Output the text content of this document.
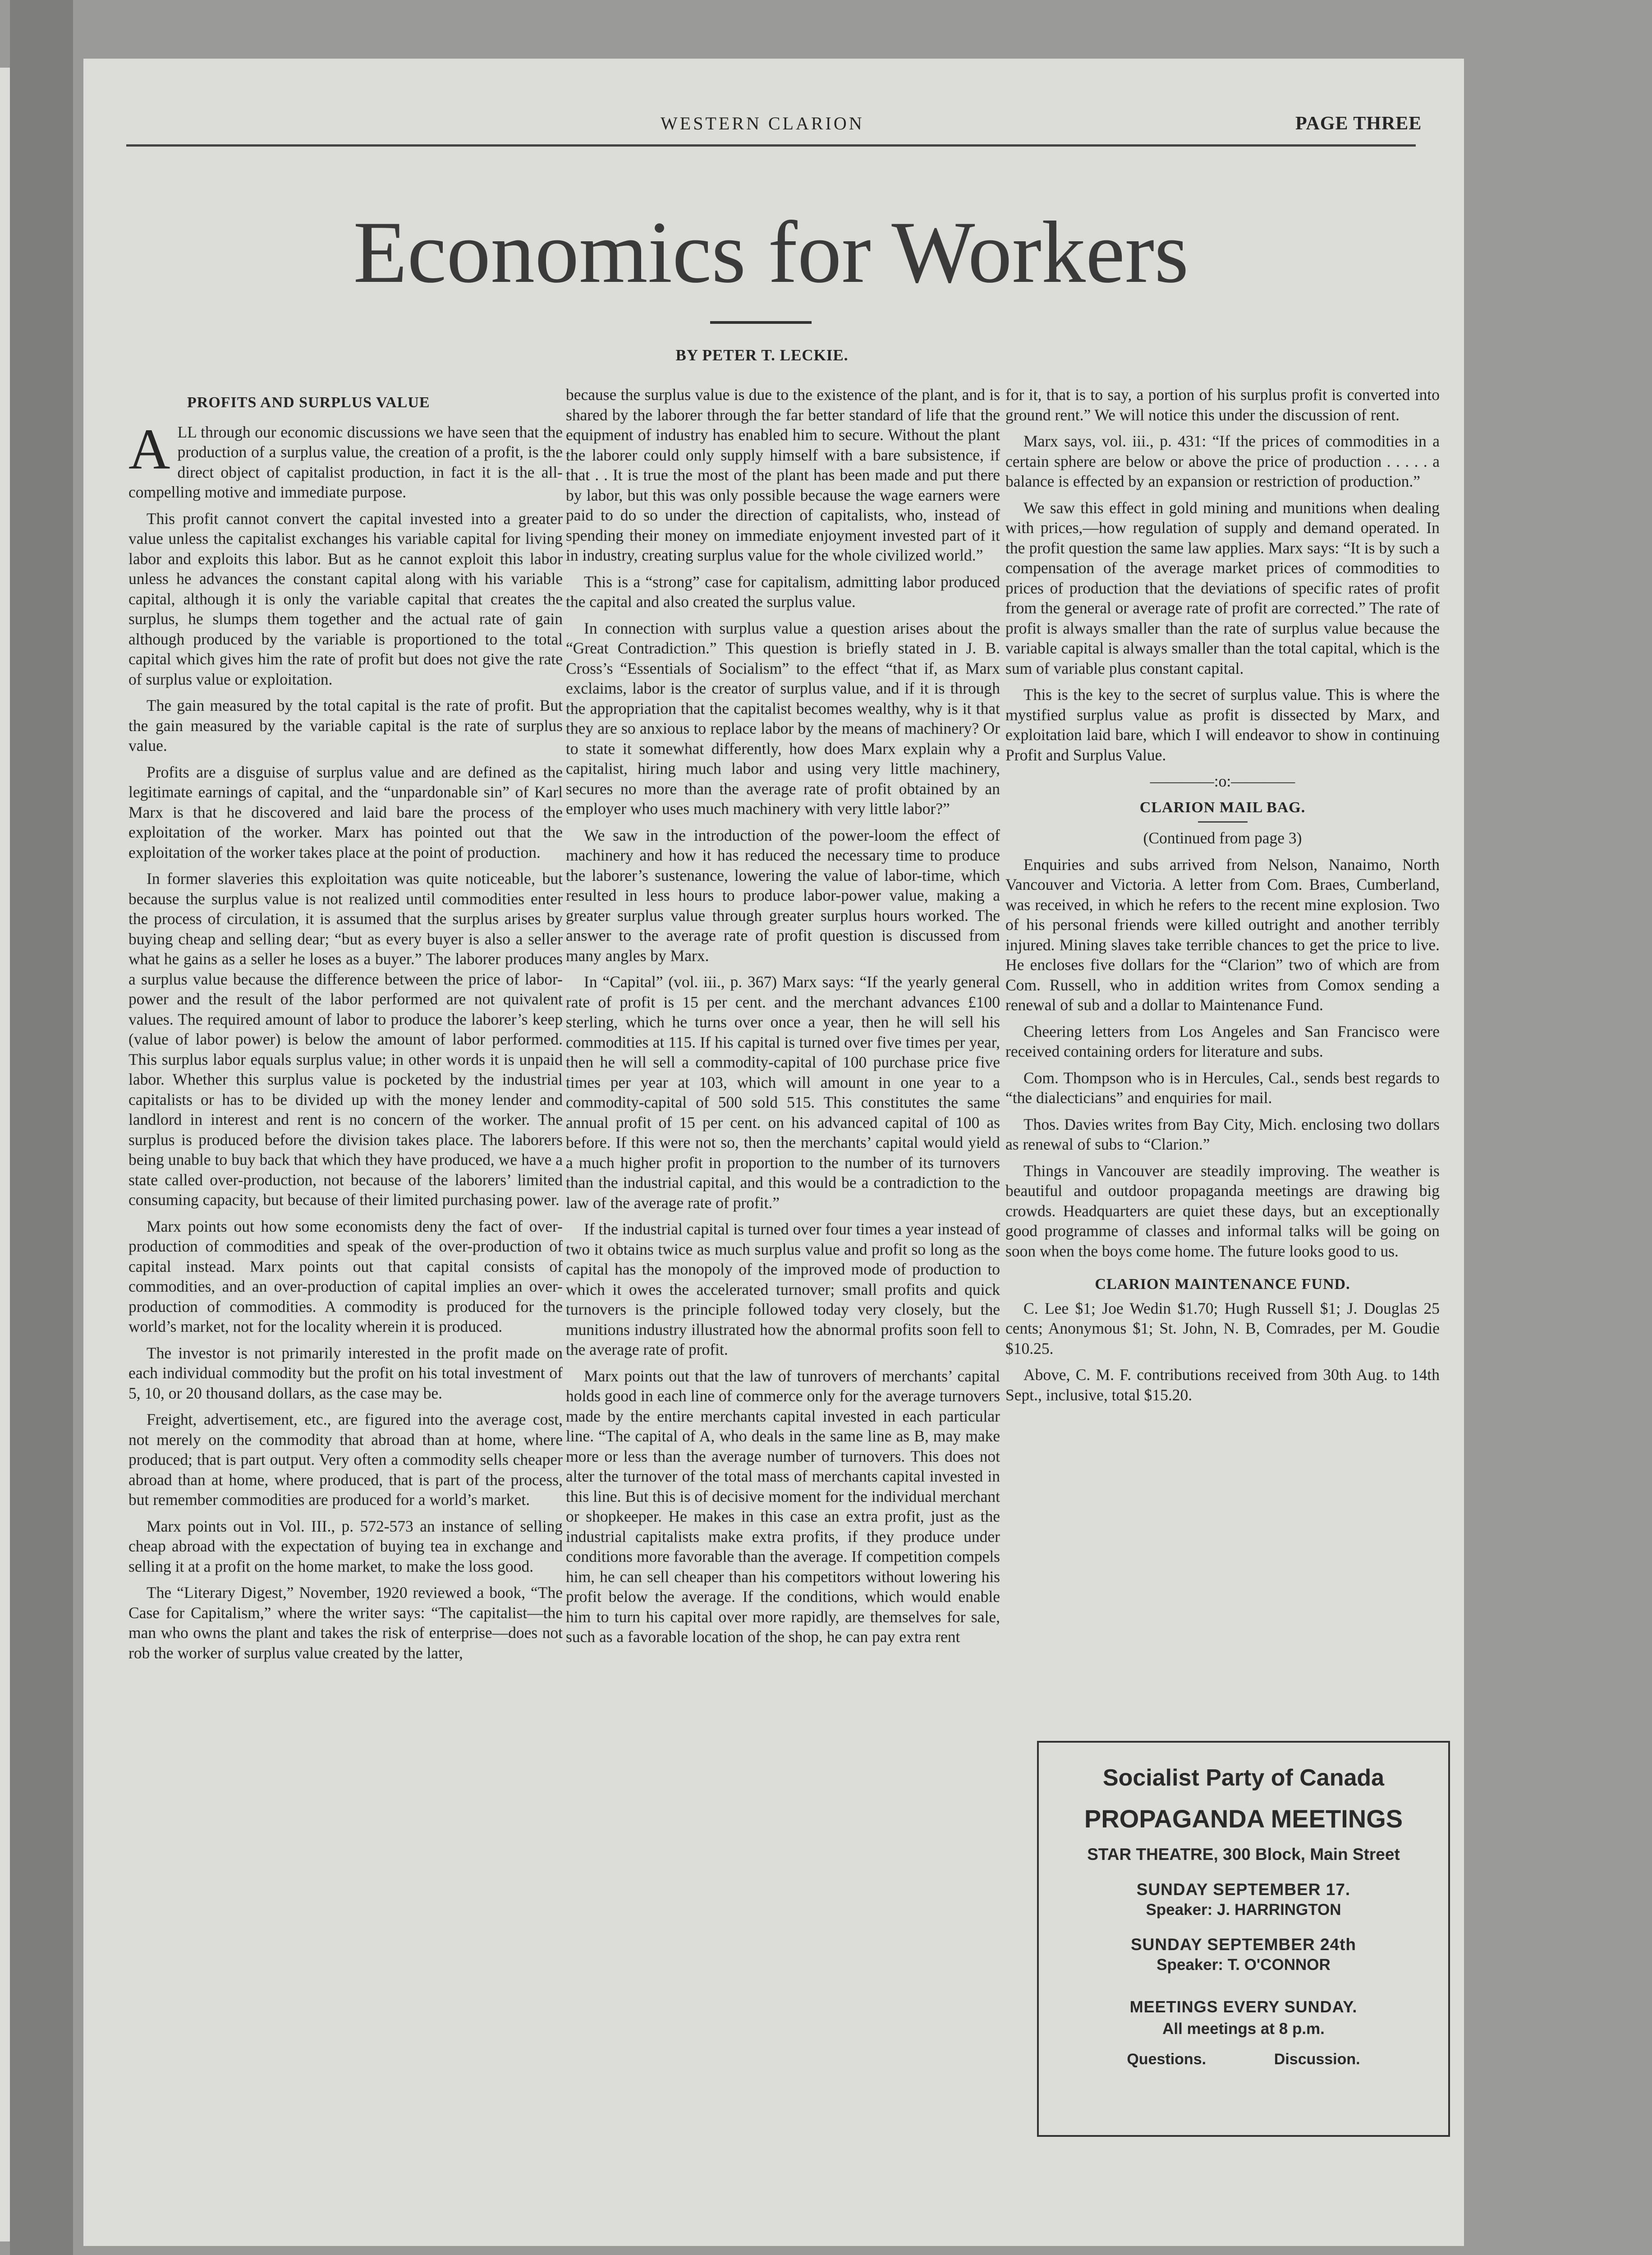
WESTERN CLARION	PAGE THREE
Economics for Workers
BY PETER T. LECKIE.
PROFITS AND SURPLUS VALUE

ALL through our economic discussions we have seen that the production of a surplus value, the creation of a profit, is the direct object of capitalist production, in fact it is the all-compelling motive and immediate purpose.

This profit cannot convert the capital invested into a greater value unless the capitalist exchanges his variable capital for living labor and exploits this labor. But as he cannot exploit this labor unless he advances the constant capital along with his variable capital, although it is only the variable capital that creates the surplus, he slumps them together and the actual rate of gain although produced by the variable is proportioned to the total capital which gives him the rate of profit but does not give the rate of surplus value or exploitation.

The gain measured by the total capital is the rate of profit. But the gain measured by the variable capital is the rate of surplus value.

Profits are a disguise of surplus value and are defined as the legitimate earnings of capital, and the “unpardonable sin” of Karl Marx is that he discovered and laid bare the process of the exploitation of the worker. Marx has pointed out that the exploitation of the worker takes place at the point of production.

In former slaveries this exploitation was quite noticeable, but because the surplus value is not realized until commodities enter the process of circulation, it is assumed that the surplus arises by buying cheap and selling dear; “but as every buyer is also a seller what he gains as a seller he loses as a buyer.” The laborer produces a surplus value because the difference between the price of labor-power and the result of the labor performed are not quivalent values. The required amount of labor to produce the laborer’s keep (value of labor power) is below the amount of labor performed. This surplus labor equals surplus value; in other words it is unpaid labor. Whether this surplus value is pocketed by the industrial capitalists or has to be divided up with the money lender and landlord in interest and rent is no concern of the worker. The surplus is produced before the division takes place. The laborers being unable to buy back that which they have produced, we have a state called over-production, not because of the laborers’ limited consuming capacity, but because of their limited purchasing power.

Marx points out how some economists deny the fact of over-production of commodities and speak of the over-production of capital instead. Marx points out that capital consists of commodities, and an over-production of capital implies an over-production of commodities. A commodity is produced for the world’s market, not for the locality wherein it is produced.

The investor is not primarily interested in the profit made on each individual commodity but the profit on his total investment of 5, 10, or 20 thousand dollars, as the case may be.

Freight, advertisement, etc., are figured into the average cost, not merely on the commodity that abroad than at home, where produced; that is part output. Very often a commodity sells cheaper abroad than at home, where produced, that is part of the process, but remember commodities are produced for a world’s market.

Marx points out in Vol. III., p. 572-573 an instance of selling cheap abroad with the expectation of buying tea in exchange and selling it at a profit on the home market, to make the loss good.

The “Literary Digest,” November, 1920 reviewed a book, “The Case for Capitalism,” where the writer says: “The capitalist—the man who owns the plant and takes the risk of enterprise—does not rob the worker of surplus value created by the latter,

because the surplus value is due to the existence of the plant, and is shared by the laborer through the far better standard of life that the equipment of industry has enabled him to secure. Without the plant the laborer could only supply himself with a bare subsistence, if that . . It is true the most of the plant has been made and put there by labor, but this was only possible because the wage earners were paid to do so under the direction of capitalists, who, instead of spending their money on immediate enjoyment invested part of it in industry, creating surplus value for the whole civilized world.”

This is a “strong” case for capitalism, admitting labor produced the capital and also created the surplus value.

In connection with surplus value a question arises about the “Great Contradiction.” This question is briefly stated in J. B. Cross’s “Essentials of Socialism” to the effect “that if, as Marx exclaims, labor is the creator of surplus value, and if it is through the appropriation that the capitalist becomes wealthy, why is it that they are so anxious to replace labor by the means of machinery? Or to state it somewhat differently, how does Marx explain why a capitalist, hiring much labor and using very little machinery, secures no more than the average rate of profit obtained by an employer who uses much machinery with very little labor?”

We saw in the introduction of the power-loom the effect of machinery and how it has reduced the necessary time to produce the laborer’s sustenance, lowering the value of labor-time, which resulted in less hours to produce labor-power value, making a greater surplus value through greater surplus hours worked. The answer to the average rate of profit question is discussed from many angles by Marx.

In “Capital” (vol. iii., p. 367) Marx says: “If the yearly general rate of profit is 15 per cent. and the merchant advances £100 sterling, which he turns over once a year, then he will sell his commodities at 115. If his capital is turned over five times per year, then he will sell a commodity-capital of 100 purchase price five times per year at 103, which will amount in one year to a commodity-capital of 500 sold 515. This constitutes the same annual profit of 15 per cent. on his advanced capital of 100 as before. If this were not so, then the merchants’ capital would yield a much higher profit in proportion to the number of its turnovers than the industrial capital, and this would be a contradiction to the law of the average rate of profit.”

If the industrial capital is turned over four times a year instead of two it obtains twice as much surplus value and profit so long as the capital has the monopoly of the improved mode of production to which it owes the accelerated turnover; small profits and quick turnovers is the principle followed today very closely, but the munitions industry illustrated how the abnormal profits soon fell to the average rate of profit.

Marx points out that the law of tunrovers of merchants’ capital holds good in each line of commerce only for the average turnovers made by the entire merchants capital invested in each particular line. “The capital of A, who deals in the same line as B, may make more or less than the average number of turnovers. This does not alter the turnover of the total mass of merchants capital invested in this line. But this is of decisive moment for the individual merchant or shopkeeper. He makes in this case an extra profit, just as the industrial capitalists make extra profits, if they produce under conditions more favorable than the average. If competition compels him, he can sell cheaper than his competitors without lowering his profit below the average. If the conditions, which would enable him to turn his capital over more rapidly, are themselves for sale, such as a favorable location of the shop, he can pay extra rent

for it, that is to say, a portion of his surplus profit is converted into ground rent.” We will notice this under the discussion of rent.

Marx says, vol. iii., p. 431: “If the prices of commodities in a certain sphere are below or above the price of production . . . . . a balance is effected by an expansion or restriction of production.”

We saw this effect in gold mining and munitions when dealing with prices,—how regulation of supply and demand operated. In the profit question the same law applies. Marx says: “It is by such a compensation of the average market prices of commodities to prices of production that the deviations of specific rates of profit from the general or average rate of profit are corrected.” The rate of profit is always smaller than the rate of surplus value because the variable capital is always smaller than the total capital, which is the sum of variable plus constant capital.

This is the key to the secret of surplus value. This is where the mystified surplus value as profit is dissected by Marx, and exploitation laid bare, which I will endeavor to show in continuing Profit and Surplus Value.

————:o:————

CLARION MAIL BAG.

(Continued from page 3)

Enquiries and subs arrived from Nelson, Nanaimo, North Vancouver and Victoria. A letter from Com. Braes, Cumberland, was received, in which he refers to the recent mine explosion. Two of his personal friends were killed outright and another terribly injured. Mining slaves take terrible chances to get the price to live. He encloses five dollars for the “Clarion” two of which are from Com. Russell, who in addition writes from Comox sending a renewal of sub and a dollar to Maintenance Fund.

Cheering letters from Los Angeles and San Francisco were received containing orders for literature and subs.

Com. Thompson who is in Hercules, Cal., sends best regards to “the dialecticians” and enquiries for mail.

Thos. Davies writes from Bay City, Mich. enclosing two dollars as renewal of subs to “Clarion.”

Things in Vancouver are steadily improving. The weather is beautiful and outdoor propaganda meetings are drawing big crowds. Headquarters are quiet these days, but an exceptionally good programme of classes and informal talks will be going on soon when the boys come home. The future looks good to us.

CLARION MAINTENANCE FUND.

C. Lee $1; Joe Wedin $1.70; Hugh Russell $1; J. Douglas 25 cents; Anonymous $1; St. John, N. B, Comrades, per M. Goudie $10.25.

Above, C. M. F. contributions received from 30th Aug. to 14th Sept., inclusive, total $15.20.

Socialist Party of Canada
PROPAGANDA MEETINGS
STAR THEATRE, 300 Block, Main Street
SUNDAY SEPTEMBER 17.
Speaker: J. HARRINGTON
SUNDAY SEPTEMBER 24th
Speaker: T. O'CONNOR
MEETINGS EVERY SUNDAY.
All meetings at 8 p.m.
Questions.	Discussion.
